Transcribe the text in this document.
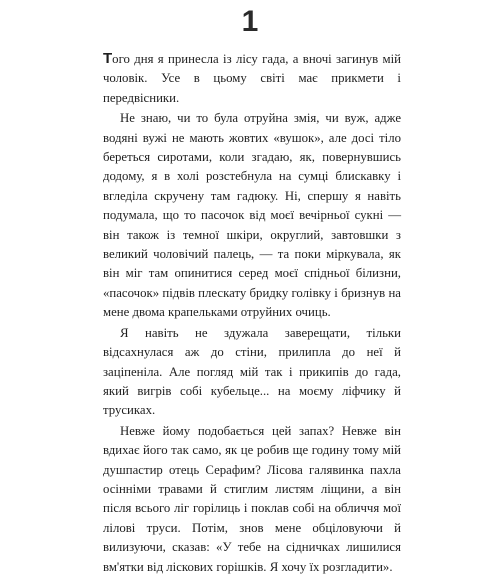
1

Того дня я принесла із лісу гада, а вночі загинув мій чоловік. Усе в цьому світі має прикмети і передвісники.

Не знаю, чи то була отруйна змія, чи вуж, адже водяні вужі не мають жовтих «вушок», але досі тіло береться сиротами, коли згадаю, як, повернувшись додому, я в холі розстебнула на сумці блискавку і вгледіла скручену там гадюку. Ні, спершу я навіть подумала, що то пасочок від моєї вечірньої сукні — він також із темної шкіри, округлий, завтовшки з великий чоловічий палець, — та поки міркувала, як він міг там опинитися серед моєї спідньої білизни, «пасочок» підвів плескату бридку голівку і бризнув на мене двома крапельками отруйних очиць.

Я навіть не здужала заверещати, тільки відсахнулася аж до стіни, прилипла до неї й заціпеніла. Але погляд мій так і прикипів до гада, який вигрів собі кубельце... на моєму ліфчику й трусиках.

Невже йому подобається цей запах? Невже він вдихає його так само, як це робив ще годину тому мій душпастир отець Серафим? Лісова галявинка пахла осінніми травами й стиглим листям ліщини, а він після всього ліг горілиць і поклав собі на обличчя мої лілові труси. Потім, знов мене обціловуючи й вилизуючи, сказав: «У тебе на сідничках лишилися вм'ятки від ліскових горішків. Я хочу їх розгладити».
